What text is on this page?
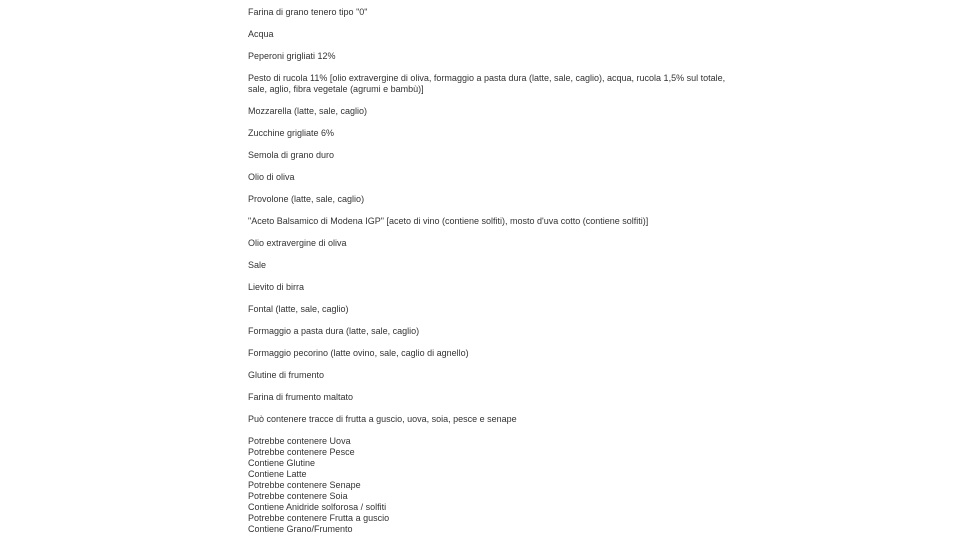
Farina di grano tenero tipo "0"

Acqua

Peperoni grigliati 12%

Pesto di rucola 11% [olio extravergine di oliva, formaggio a pasta dura (latte, sale, caglio), acqua, rucola 1,5% sul totale, sale, aglio, fibra vegetale (agrumi e bambù)]

Mozzarella (latte, sale, caglio)

Zucchine grigliate 6%

Semola di grano duro

Olio di oliva

Provolone (latte, sale, caglio)

"Aceto Balsamico di Modena IGP" [aceto di vino (contiene solfiti), mosto d'uva cotto (contiene solfiti)]

Olio extravergine di oliva

Sale

Lievito di birra

Fontal (latte, sale, caglio)

Formaggio a pasta dura (latte, sale, caglio)

Formaggio pecorino (latte ovino, sale, caglio di agnello)

Glutine di frumento

Farina di frumento maltato

Può contenere tracce di frutta a guscio, uova, soia, pesce e senape

Potrebbe contenere Uova
Potrebbe contenere Pesce
Contiene Glutine
Contiene Latte
Potrebbe contenere Senape
Potrebbe contenere Soia
Contiene Anidride solforosa / solfiti
Potrebbe contenere Frutta a guscio
Contiene Grano/Frumento
